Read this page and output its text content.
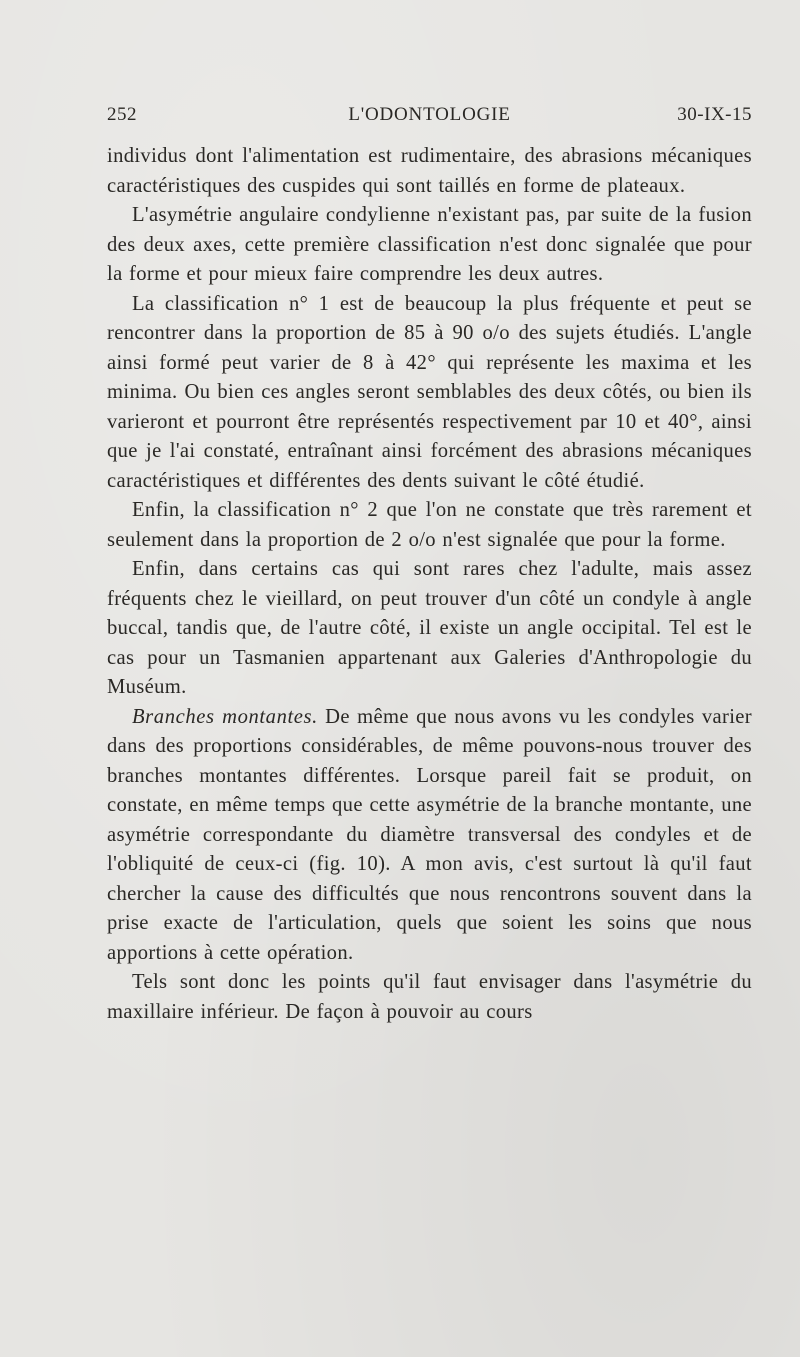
252	L'ODONTOLOGIE	30-IX-15

individus dont l'alimentation est rudimentaire, des abrasions mécaniques caractéristiques des cuspides qui sont taillés en forme de plateaux.

L'asymétrie angulaire condylienne n'existant pas, par suite de la fusion des deux axes, cette première classification n'est donc signalée que pour la forme et pour mieux faire comprendre les deux autres.

La classification n° 1 est de beaucoup la plus fréquente et peut se rencontrer dans la proportion de 85 à 90 o/o des sujets étudiés. L'angle ainsi formé peut varier de 8 à 42° qui représente les maxima et les minima. Ou bien ces angles seront semblables des deux côtés, ou bien ils varieront et pourront être représentés respectivement par 10 et 40°, ainsi que je l'ai constaté, entraînant ainsi forcément des abrasions mécaniques caractéristiques et différentes des dents suivant le côté étudié.

Enfin, la classification n° 2 que l'on ne constate que très rarement et seulement dans la proportion de 2 o/o n'est signalée que pour la forme.

Enfin, dans certains cas qui sont rares chez l'adulte, mais assez fréquents chez le vieillard, on peut trouver d'un côté un condyle à angle buccal, tandis que, de l'autre côté, il existe un angle occipital. Tel est le cas pour un Tasmanien appartenant aux Galeries d'Anthropologie du Muséum.

Branches montantes. De même que nous avons vu les condyles varier dans des proportions considérables, de même pouvons-nous trouver des branches montantes différentes. Lorsque pareil fait se produit, on constate, en même temps que cette asymétrie de la branche montante, une asymétrie correspondante du diamètre transversal des condyles et de l'obliquité de ceux-ci (fig. 10). A mon avis, c'est surtout là qu'il faut chercher la cause des difficultés que nous rencontrons souvent dans la prise exacte de l'articulation, quels que soient les soins que nous apportions à cette opération.

Tels sont donc les points qu'il faut envisager dans l'asymétrie du maxillaire inférieur. De façon à pouvoir au cours
